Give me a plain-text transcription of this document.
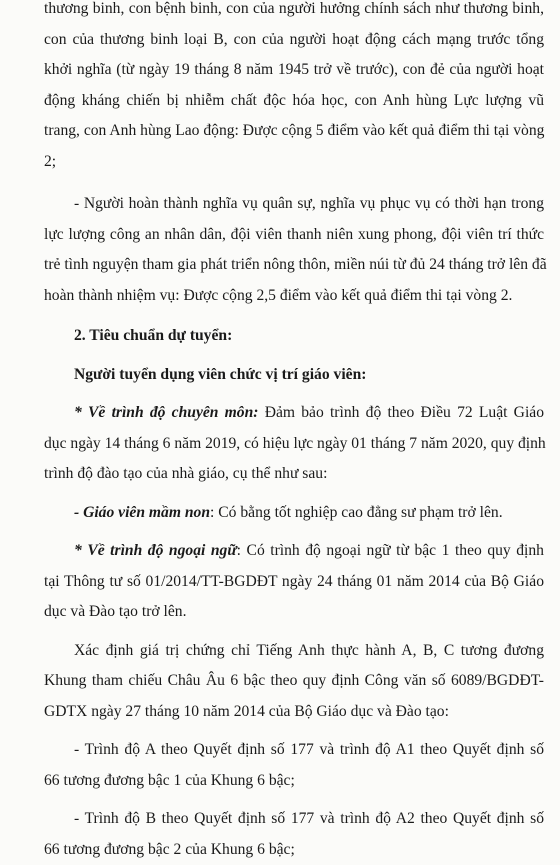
thương binh, con bệnh binh, con của người hưởng chính sách như thương binh,
con của thương binh loại B, con của người hoạt động cách mạng trước tổng
khởi nghĩa (từ ngày 19 tháng 8 năm 1945 trở về trước), con đẻ của người hoạt
động kháng chiến bị nhiễm chất độc hóa học, con Anh hùng Lực lượng vũ
trang, con Anh hùng Lao động: Được cộng 5 điểm vào kết quả điểm thi tại vòng
2;
- Người hoàn thành nghĩa vụ quân sự, nghĩa vụ phục vụ có thời hạn trong
lực lượng công an nhân dân, đội viên thanh niên xung phong, đội viên trí thức
trẻ tình nguyện tham gia phát triển nông thôn, miền núi từ đủ 24 tháng trở lên đã
hoàn thành nhiệm vụ: Được cộng 2,5 điểm vào kết quả điểm thi tại vòng 2.
2. Tiêu chuẩn dự tuyển:
Người tuyển dụng viên chức vị trí giáo viên:
* Về trình độ chuyên môn: Đảm bảo trình độ theo Điều 72 Luật Giáo
dục ngày 14 tháng 6 năm 2019, có hiệu lực ngày 01 tháng 7 năm 2020, quy định
trình độ đào tạo của nhà giáo, cụ thể như sau:
- Giáo viên mầm non: Có bằng tốt nghiệp cao đẳng sư phạm trở lên.
* Về trình độ ngoại ngữ: Có trình độ ngoại ngữ từ bậc 1 theo quy định
tại Thông tư số 01/2014/TT-BGDĐT ngày 24 tháng 01 năm 2014 của Bộ Giáo
dục và Đào tạo trở lên.
Xác định giá trị chứng chỉ Tiếng Anh thực hành A, B, C tương đương
Khung tham chiếu Châu Âu 6 bậc theo quy định Công văn số 6089/BGDĐT-
GDTX ngày 27 tháng 10 năm 2014 của Bộ Giáo dục và Đào tạo:
- Trình độ A theo Quyết định số 177 và trình độ A1 theo Quyết định số
66 tương đương bậc 1 của Khung 6 bậc;
- Trình độ B theo Quyết định số 177 và trình độ A2 theo Quyết định số
66 tương đương bậc 2 của Khung 6 bậc;
